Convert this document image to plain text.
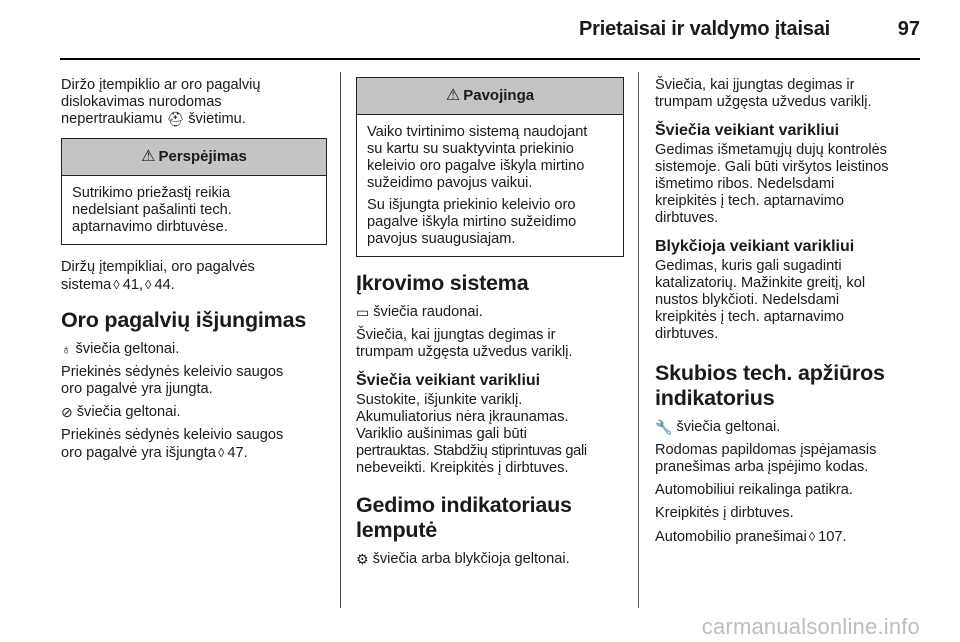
Prietaisai ir valdymo įtaisai	97

Diržo įtempiklio ar oro pagalvių
dislokavimas nurodomas
nepertraukiamu ⛑ švietimu.

⚠ Perspėjimas

Sutrikimo priežastį reikia
nedelsiant pašalinti tech.
aptarnavimo dirbtuvėse.

Diržų įtempikliai, oro pagalvės
sistema ◊ 41, ◊ 44.

Oro pagalvių išjungimas

♁ šviečia geltonai.

Priekinės sėdynės keleivio saugos
oro pagalvė yra įjungta.

⊘ šviečia geltonai.

Priekinės sėdynės keleivio saugos
oro pagalvė yra išjungta ◊ 47.

⚠ Pavojinga

Vaiko tvirtinimo sistemą naudojant
su kartu su suaktyvinta priekinio
keleivio oro pagalve iškyla mirtino
sužeidimo pavojus vaikui.

Su išjungta priekinio keleivio oro
pagalve iškyla mirtino sužeidimo
pavojus suaugusiajam.

Įkrovimo sistema

▭ šviečia raudonai.

Šviečia, kai įjungtas degimas ir
trumpam užgęsta užvedus variklį.

Šviečia veikiant varikliui

Sustokite, išjunkite variklį.
Akumuliatorius nėra įkraunamas.
Variklio aušinimas gali būti
pertrauktas. Stabdžių stiprintuvas gali
nebeveikti. Kreipkitės į dirbtuves.

Gedimo indikatoriaus
lemputė

⚙ šviečia arba blykčioja geltonai.

Šviečia, kai įjungtas degimas ir
trumpam užgęsta užvedus variklį.

Šviečia veikiant varikliui

Gedimas išmetamųjų dujų kontrolės
sistemoje. Gali būti viršytos leistinos
išmetimo ribos. Nedelsdami
kreipkitės į tech. aptarnavimo
dirbtuves.

Blykčioja veikiant varikliui

Gedimas, kuris gali sugadinti
katalizatorių. Mažinkite greitį, kol
nustos blykčioti. Nedelsdami
kreipkitės į tech. aptarnavimo
dirbtuves.

Skubios tech. apžiūros
indikatorius

🔧 šviečia geltonai.

Rodomas papildomas įspėjamasis
pranešimas arba įspėjimo kodas.

Automobiliui reikalinga patikra.

Kreipkitės į dirbtuves.

Automobilio pranešimai ◊ 107.

carmanualsonline.info
